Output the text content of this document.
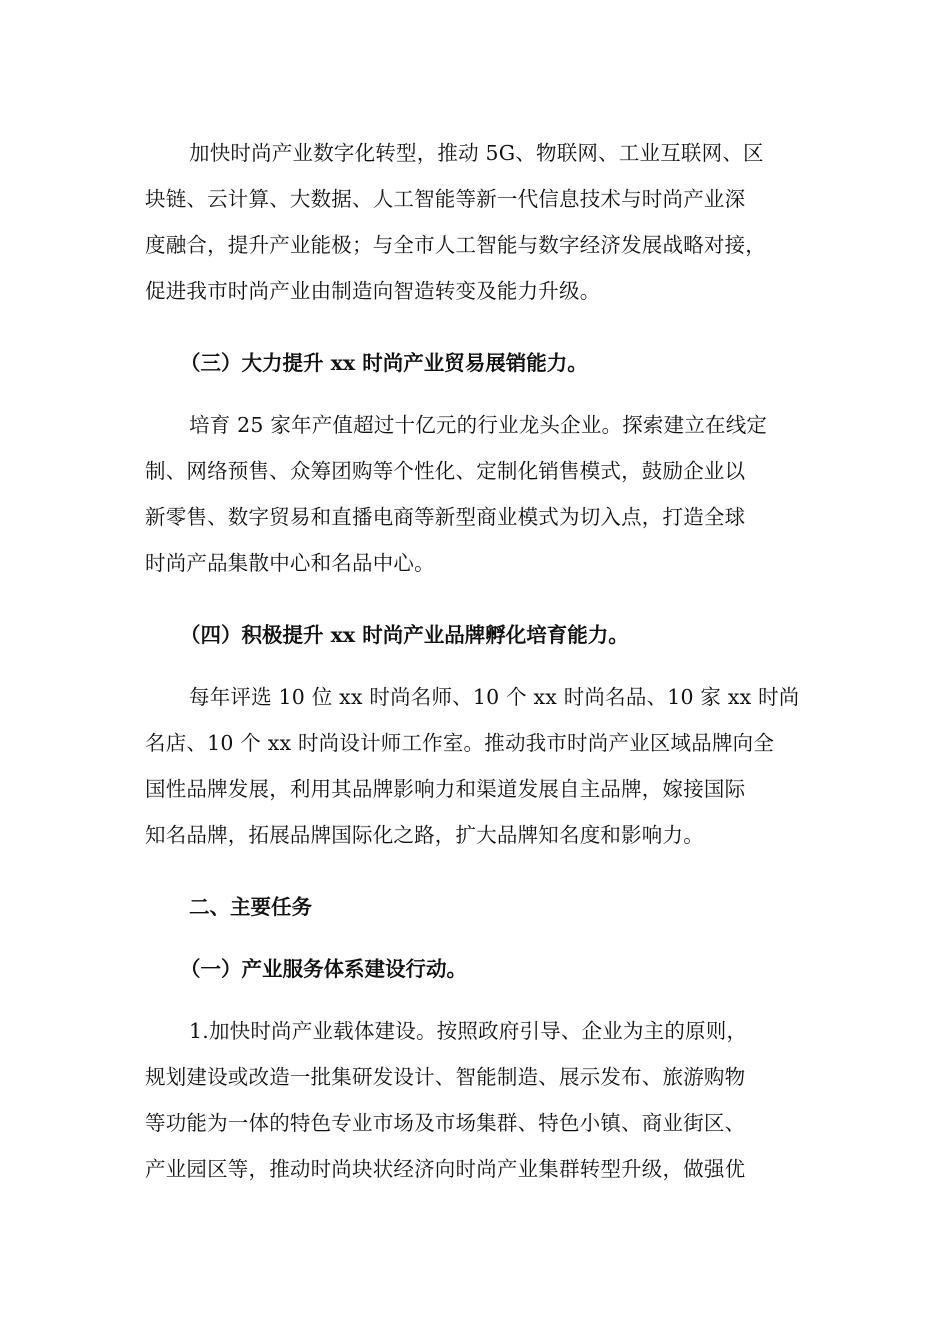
加快时尚产业数字化转型，推动 5G、物联网、工业互联网、区
块链、云计算、大数据、人工智能等新一代信息技术与时尚产业深
度融合，提升产业能极；与全市人工智能与数字经济发展战略对接，
促进我市时尚产业由制造向智造转变及能力升级。
（三）大力提升 xx 时尚产业贸易展销能力。
培育 25 家年产值超过十亿元的行业龙头企业。探索建立在线定
制、网络预售、众筹团购等个性化、定制化销售模式，鼓励企业以
新零售、数字贸易和直播电商等新型商业模式为切入点，打造全球
时尚产品集散中心和名品中心。
（四）积极提升 xx 时尚产业品牌孵化培育能力。
每年评选 10 位 xx 时尚名师、10 个 xx 时尚名品、10 家 xx 时尚
名店、10 个 xx 时尚设计师工作室。推动我市时尚产业区域品牌向全
国性品牌发展，利用其品牌影响力和渠道发展自主品牌，嫁接国际
知名品牌，拓展品牌国际化之路，扩大品牌知名度和影响力。
二、主要任务
（一）产业服务体系建设行动。
1.加快时尚产业载体建设。按照政府引导、企业为主的原则，
规划建设或改造一批集研发设计、智能制造、展示发布、旅游购物
等功能为一体的特色专业市场及市场集群、特色小镇、商业街区、
产业园区等，推动时尚块状经济向时尚产业集群转型升级，做强优
